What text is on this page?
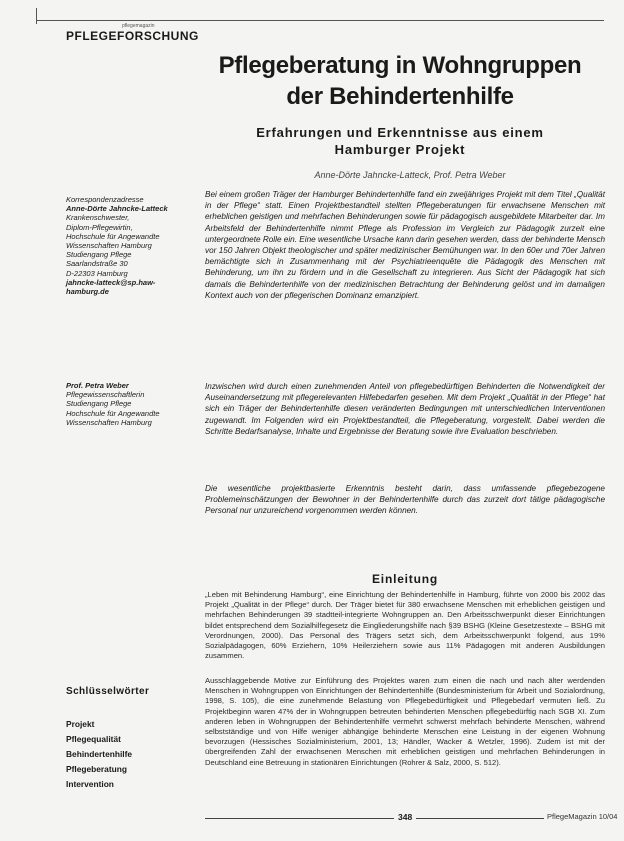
pflegemagazin
PFLEGEFORSCHUNG
Pflegeberatung in Wohngruppen
der Behindertenhilfe
Erfahrungen und Erkenntnisse aus einem
Hamburger Projekt
Anne-Dörte Jahncke-Latteck, Prof. Petra Weber
Korrespondenzadresse
Anne-Dörte Jahncke-Latteck
Krankenschwester,
Diplom-Pflegewirtin,
Hochschule für Angewandte
Wissenschaften Hamburg
Studiengang Pflege
Saarlandstraße 30
D-22303 Hamburg
jahncke-latteck@sp.haw-hamburg.de
Prof. Petra Weber
Pflegewissenschaftlerin
Studiengang Pflege
Hochschule für Angewandte
Wissenschaften Hamburg

Bei einem großen Träger der Hamburger Behindertenhilfe fand ein zweijähriges Projekt mit dem Titel „Qualität in der Pflege“ statt. Einen Projektbestandteil stellten Pflegeberatungen für erwachsene Menschen mit erheblichen geistigen und mehrfachen Behinderungen sowie für pädagogisch ausgebildete Mitarbeiter dar. Im Arbeitsfeld der Behindertenhilfe nimmt Pflege als Profession im Vergleich zur Pädagogik zurzeit eine untergeordnete Rolle ein. Eine wesentliche Ursache kann darin gesehen werden, dass der behinderte Mensch vor 150 Jahren Objekt theologischer und später medizinischer Bemühungen war. In den 60er und 70er Jahren bemächtigte sich in Zusammenhang mit der Psychiatrieenquête die Pädagogik des Menschen mit Behinderung, um ihn zu fördern und in die Gesellschaft zu integrieren. Aus Sicht der Pädagogik hat sich damals die Behindertenhilfe von der medizinischen Betrachtung der Behinderung gelöst und im damaligen Kontext auch von der pflegerischen Dominanz emanzipiert.

Inzwischen wird durch einen zunehmenden Anteil von pflegebedürftigen Behinderten die Notwendigkeit der Auseinandersetzung mit pflegerelevanten Hilfebedarfen gesehen. Mit dem Projekt „Qualität in der Pflege“ hat sich ein Träger der Behindertenhilfe diesen veränderten Bedingungen mit unterschiedlichen Interventionen zugewandt. Im Folgenden wird ein Projektbestandteil, die Pflegeberatung, vorgestellt. Dabei werden die Schritte Bedarfsanalyse, Inhalte und Ergebnisse der Beratung sowie ihre Evaluation beschrieben.

Die wesentliche projektbasierte Erkenntnis besteht darin, dass umfassende pflegebezogene Problemeinschätzungen der Bewohner in der Behindertenhilfe durch das zurzeit dort tätige pädagogische Personal nur unzureichend vorgenommen werden können.

Einleitung

„Leben mit Behinderung Hamburg“, eine Einrichtung der Behindertenhilfe in Hamburg, führte von 2000 bis 2002 das Projekt „Qualität in der Pflege“ durch. Der Träger bietet für 380 erwachsene Menschen mit erheblichen geistigen und mehrfachen Behinderungen 39 stadtteil-integrierte Wohngruppen an. Den Arbeitsschwerpunkt dieser Einrichtungen bildet entsprechend dem Sozialhilfegesetz die Eingliederungshilfe nach §39 BSHG (Kleine Gesetzestexte – BSHG mit Verordnungen, 2000). Das Personal des Trägers setzt sich, dem Arbeitsschwerpunkt folgend, aus 19% Sozialpädagogen, 60% Erziehern, 10% Heilerziehern sowie aus 11% Pädagogen mit anderen Ausbildungen zusammen.

Ausschlaggebende Motive zur Einführung des Projektes waren zum einen die nach und nach älter werdenden Menschen in Wohngruppen von Einrichtungen der Behindertenhilfe (Bundesministerium für Arbeit und Sozialordnung, 1998, S. 105), die eine zunehmende Belastung von Pflegebedürftigkeit und Pflegebedarf vermuten ließ. Zu Projektbeginn waren 47% der in Wohngruppen betreuten behinderten Menschen pflegebedürftig nach SGB XI. Zum anderen leben in Wohngruppen der Behindertenhilfe vermehrt schwerst mehrfach behinderte Menschen, während selbstständige und von Hilfe weniger abhängige behinderte Menschen eine Leistung in der eigenen Wohnung bevorzugen (Hessisches Sozialministerium, 2001, 13; Händler, Wacker & Wetzler, 1996). Zudem ist mit der übergreifenden Zahl der erwachsenen Menschen mit erheblichen geistigen und mehrfachen Behinderungen in Deutschland eine Betreuung in stationären Einrichtungen (Rohrer & Salz, 2000, S. 512).

Schlüsselwörter
Projekt
Pflegequalität
Behindertenhilfe
Pflegeberatung
Intervention
348	PflegeMagazin 10/04
